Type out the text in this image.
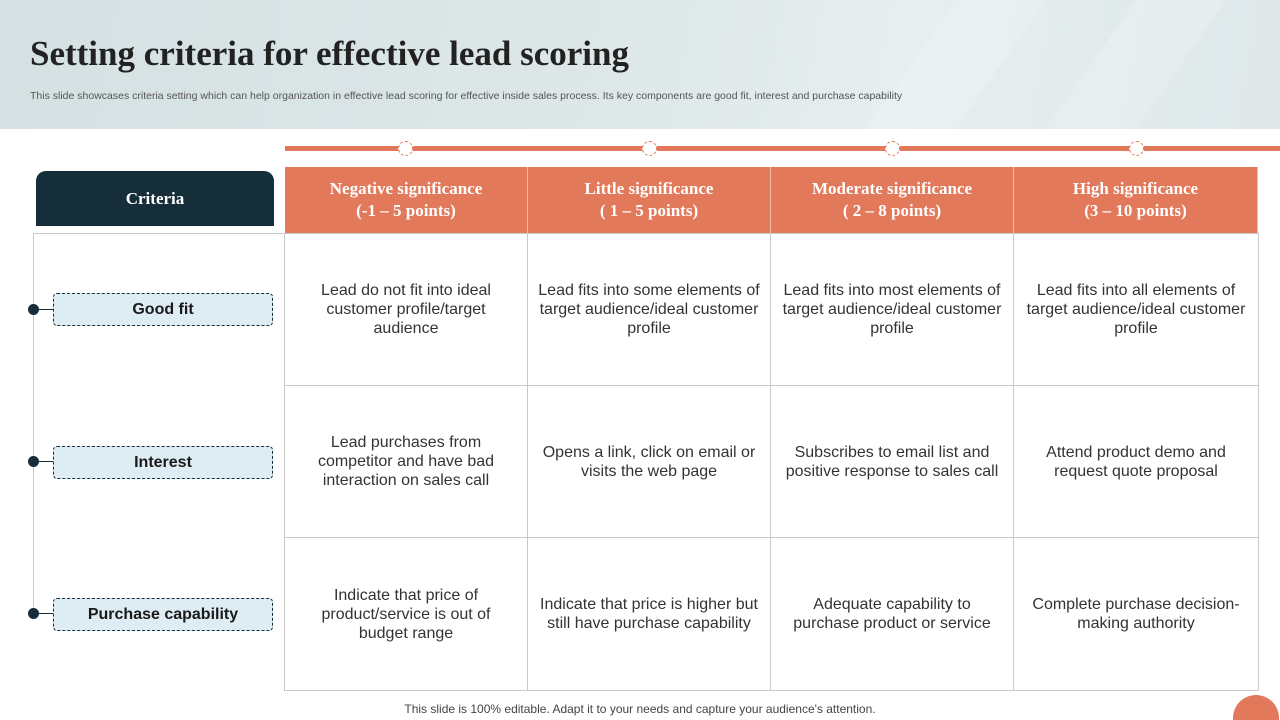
Setting criteria for effective lead scoring
This slide showcases criteria setting which can help organization in effective lead scoring for effective inside sales process. Its key components are good fit, interest and purchase capability
Criteria	Negative significance
(-1 – 5 points)
Little significance
( 1 – 5 points)
Moderate significance
( 2 – 8 points)
High significance
(3 – 10 points)
Lead do not fit into ideal customer profile/target audience
Lead fits into some elements of target audience/ideal customer profile
Lead fits into most elements of target audience/ideal customer profile
Lead fits into all elements of target audience/ideal customer profile
Lead purchases from competitor and have bad interaction on sales call
Opens a link, click on email or visits the web page
Subscribes to email list and positive response to sales call
Attend product demo and request quote proposal
Indicate that price of product/service is out of budget range
Indicate that price is higher but still have purchase capability
Adequate capability to purchase product or service
Complete purchase decision-making authority
Good fit
Interest
Purchase capability
This slide is 100% editable. Adapt it to your needs and capture your audience's attention.
